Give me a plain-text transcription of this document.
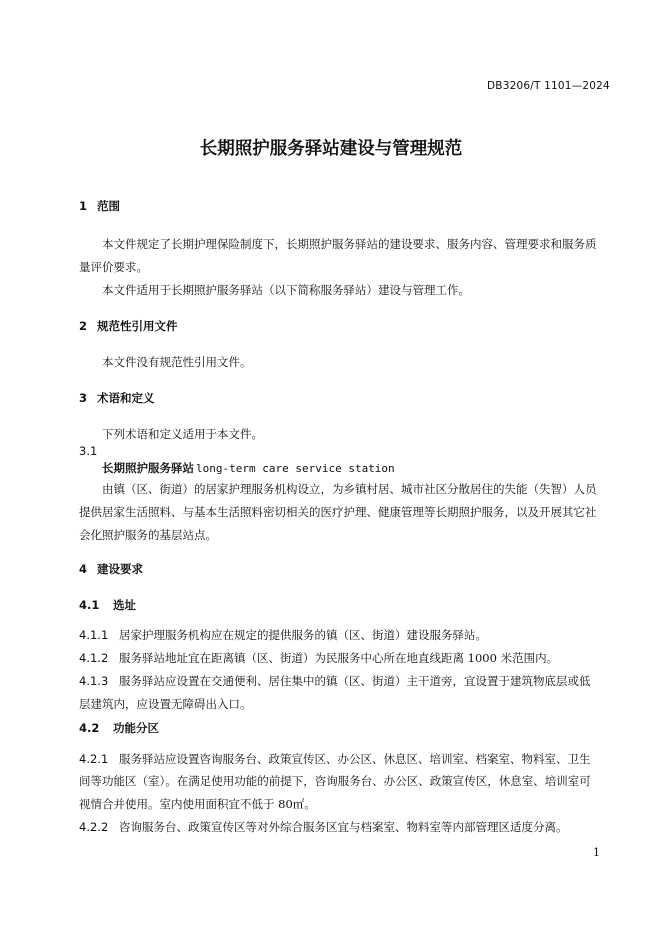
DB3206/T 1101—2024
长期照护服务驿站建设与管理规范
1 范围
本文件规定了长期护理保险制度下，长期照护服务驿站的建设要求、服务内容、管理要求和服务质
量评价要求。
本文件适用于长期照护服务驿站（以下简称服务驿站）建设与管理工作。
2 规范性引用文件
本文件没有规范性引用文件。
3 术语和定义
下列术语和定义适用于本文件。
3.1
长期照护服务驿站 long-term care service station
由镇（区、街道）的居家护理服务机构设立，为乡镇村居、城市社区分散居住的失能（失智）人员提供居家生活照料、与基本生活照料密切相关的医疗护理、健康管理等长期照护服务，以及开展其它社会化照护服务的基层站点。
4 建设要求
4.1 选址
4.1.1 居家护理服务机构应在规定的提供服务的镇（区、街道）建设服务驿站。
4.1.2 服务驿站地址宜在距离镇（区、街道）为民服务中心所在地直线距离 1000 米范围内。
4.1.3 服务驿站应设置在交通便利、居住集中的镇（区、街道）主干道旁，宜设置于建筑物底层或低
层建筑内，应设置无障碍出入口。
4.2 功能分区
4.2.1 服务驿站应设置咨询服务台、政策宣传区、办公区、休息区、培训室、档案室、物料室、卫生
间等功能区（室）。在满足使用功能的前提下，咨询服务台、办公区、政策宣传区，休息室、培训室可
视情合并使用。室内使用面积宜不低于 80㎡。
4.2.2 咨询服务台、政策宣传区等对外综合服务区宜与档案室、物料室等内部管理区适度分离。
1
